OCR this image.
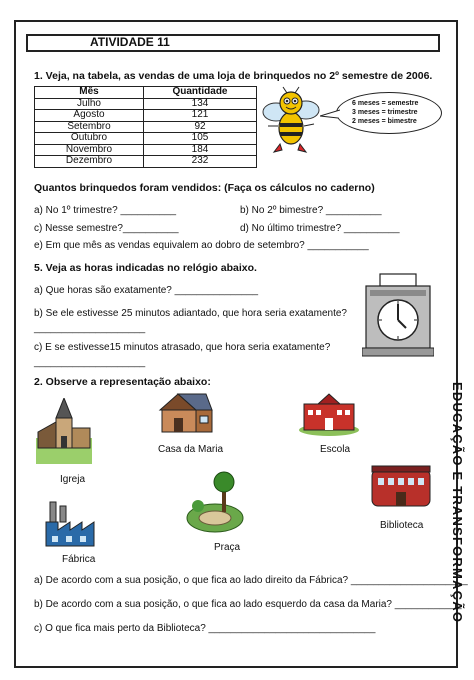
ATIVIDADE 11
1. Veja, na tabela, as vendas de uma loja de brinquedos no 2º semestre de 2006.
Mês	Quantidade
Julho	134
Agosto	121
Setembro	92
Outubro	105
Novembro	184
Dezembro	232
6 meses = semestre
3 meses = trimestre
2 meses = bimestre
Quantos brinquedos foram vendidos: (Faça os cálculos no caderno)
a) No 1º trimestre? __________	b) No 2º bimestre? __________
c) Nesse semestre?__________	d) No último trimestre? __________
e) Em que mês as vendas equivalem ao dobro de setembro? ___________
5. Veja as horas indicadas no relógio abaixo.
a) Que horas são exatamente? _______________
b) Se ele estivesse 25 minutos adiantado, que hora seria exatamente?
____________________
c) E se estivesse15 minutos atrasado, que hora seria exatamente?
____________________
2. Observe a representação abaixo:
Igreja
Casa da Maria	Escola
Biblioteca
Praça
Fábrica
a) De acordo com a sua posição, o que fica ao lado direito da Fábrica? _____________________
b) De acordo com a sua posição, o que fica ao lado esquerdo da casa da Maria? ____________
c) O que fica mais perto da Biblioteca? ______________________________
EDUCAÇÃO E TRANSFORMAÇÃO
